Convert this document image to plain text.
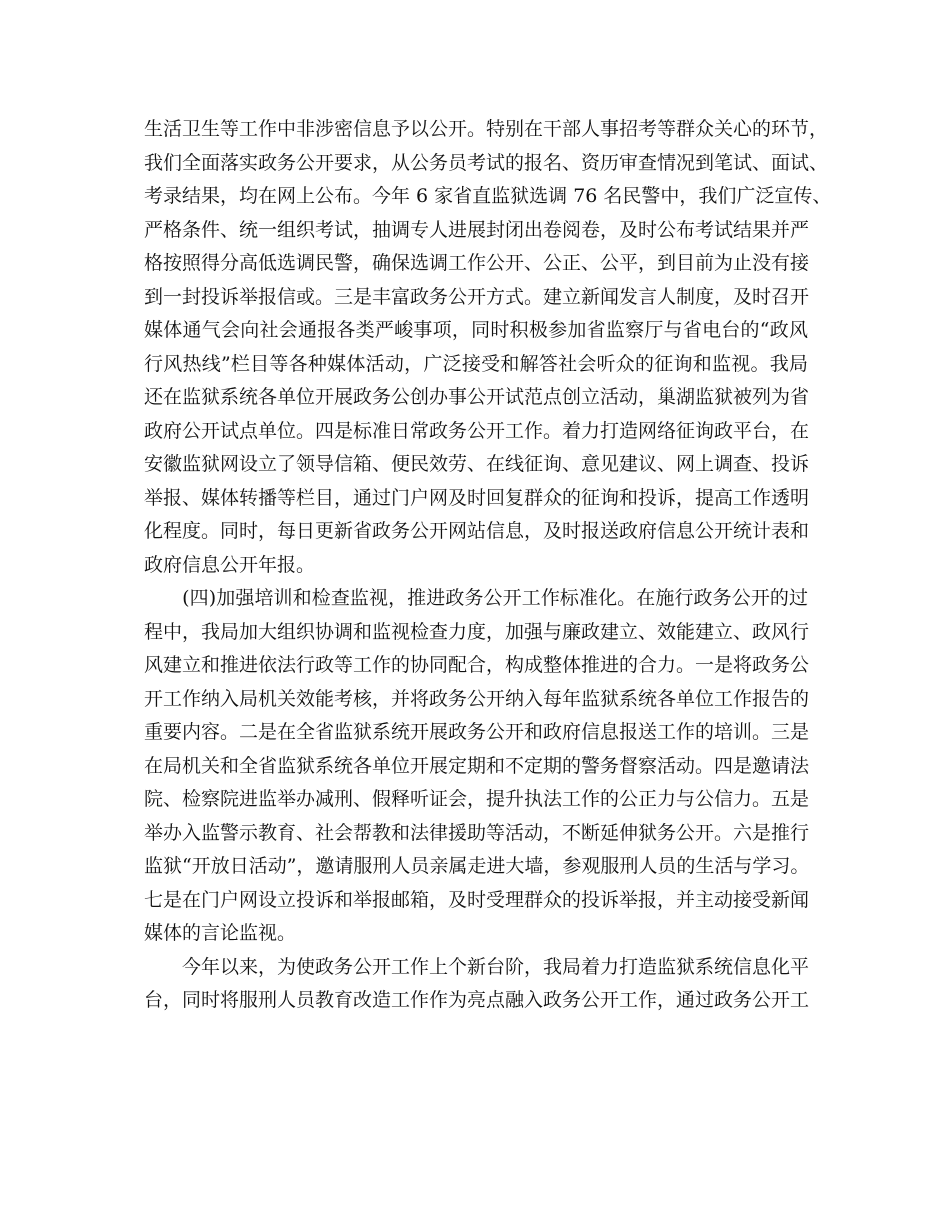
生活卫生等工作中非涉密信息予以公开。特别在干部人事招考等群众关心的环节，
我们全面落实政务公开要求，从公务员考试的报名、资历审查情况到笔试、面试、
考录结果，均在网上公布。今年 6 家省直监狱选调 76 名民警中，我们广泛宣传、
严格条件、统一组织考试，抽调专人进展封闭出卷阅卷，及时公布考试结果并严
格按照得分高低选调民警，确保选调工作公开、公正、公平，到目前为止没有接
到一封投诉举报信或。三是丰富政务公开方式。建立新闻发言人制度，及时召开
媒体通气会向社会通报各类严峻事项，同时积极参加省监察厅与省电台的“政风
行风热线”栏目等各种媒体活动，广泛接受和解答社会听众的征询和监视。我局
还在监狱系统各单位开展政务公创办事公开试范点创立活动，巢湖监狱被列为省
政府公开试点单位。四是标准日常政务公开工作。着力打造网络征询政平台，在
安徽监狱网设立了领导信箱、便民效劳、在线征询、意见建议、网上调查、投诉
举报、媒体转播等栏目，通过门户网及时回复群众的征询和投诉，提高工作透明
化程度。同时，每日更新省政务公开网站信息，及时报送政府信息公开统计表和
政府信息公开年报。
　　(四)加强培训和检查监视，推进政务公开工作标准化。在施行政务公开的过
程中，我局加大组织协调和监视检查力度，加强与廉政建立、效能建立、政风行
风建立和推进依法行政等工作的协同配合，构成整体推进的合力。一是将政务公
开工作纳入局机关效能考核，并将政务公开纳入每年监狱系统各单位工作报告的
重要内容。二是在全省监狱系统开展政务公开和政府信息报送工作的培训。三是
在局机关和全省监狱系统各单位开展定期和不定期的警务督察活动。四是邀请法
院、检察院进监举办减刑、假释听证会，提升执法工作的公正力与公信力。五是
举办入监警示教育、社会帮教和法律援助等活动，不断延伸狱务公开。六是推行
监狱“开放日活动”，邀请服刑人员亲属走进大墙，参观服刑人员的生活与学习。
七是在门户网设立投诉和举报邮箱，及时受理群众的投诉举报，并主动接受新闻
媒体的言论监视。
　　今年以来，为使政务公开工作上个新台阶，我局着力打造监狱系统信息化平
台，同时将服刑人员教育改造工作作为亮点融入政务公开工作，通过政务公开工
